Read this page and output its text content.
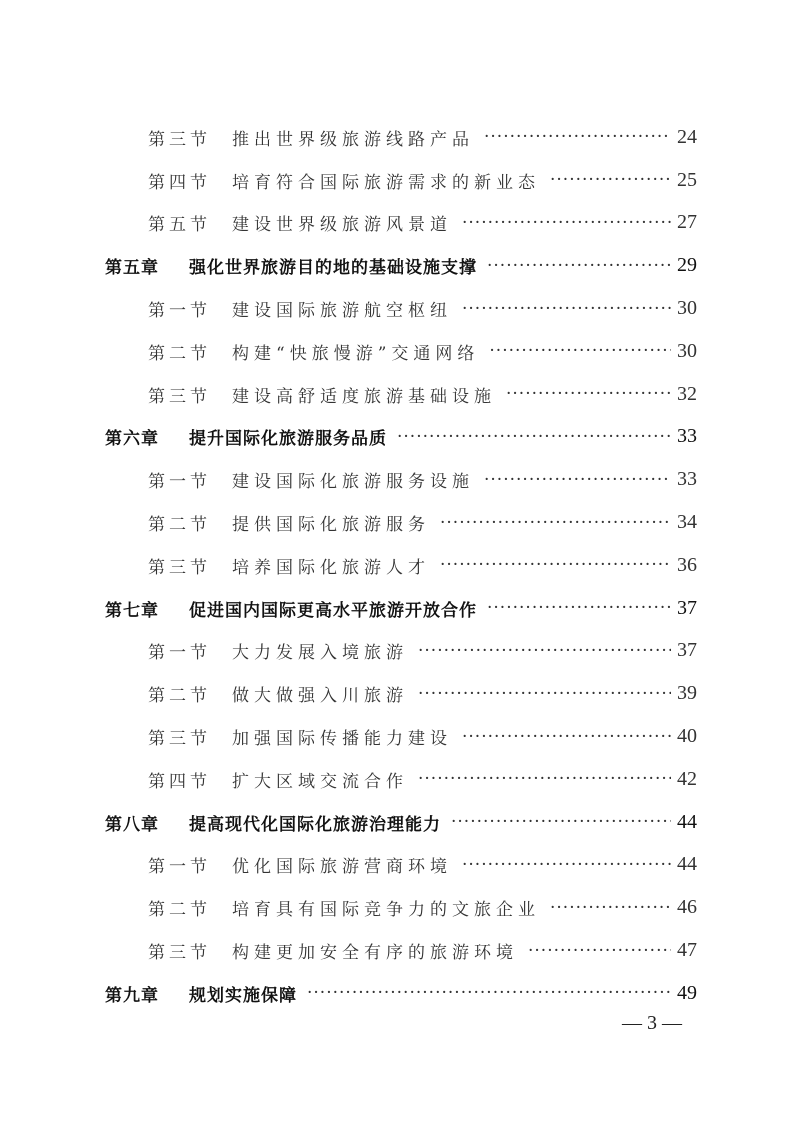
第三节	推出世界级旅游线路产品 ·····	24
第四节	培育符合国际旅游需求的新业态 ·····	25
第五节	建设世界级旅游风景道 ·····	27
第五章	强化世界旅游目的地的基础设施支撑 ·····	29
第一节	建设国际旅游航空枢纽 ·····	30
第二节	构建“快旅慢游”交通网络 ·····	30
第三节	建设高舒适度旅游基础设施 ·····	32
第六章	提升国际化旅游服务品质 ·····	33
第一节	建设国际化旅游服务设施 ·····	33
第二节	提供国际化旅游服务 ·····	34
第三节	培养国际化旅游人才 ·····	36
第七章	促进国内国际更高水平旅游开放合作 ·····	37
第一节	大力发展入境旅游 ·····	37
第二节	做大做强入川旅游 ·····	39
第三节	加强国际传播能力建设 ·····	40
第四节	扩大区域交流合作 ·····	42
第八章	提高现代化国际化旅游治理能力 ·····	44
第一节	优化国际旅游营商环境 ·····	44
第二节	培育具有国际竞争力的文旅企业 ·····	46
第三节	构建更加安全有序的旅游环境 ·····	47
第九章	规划实施保障 ·····	49
— 3 —
